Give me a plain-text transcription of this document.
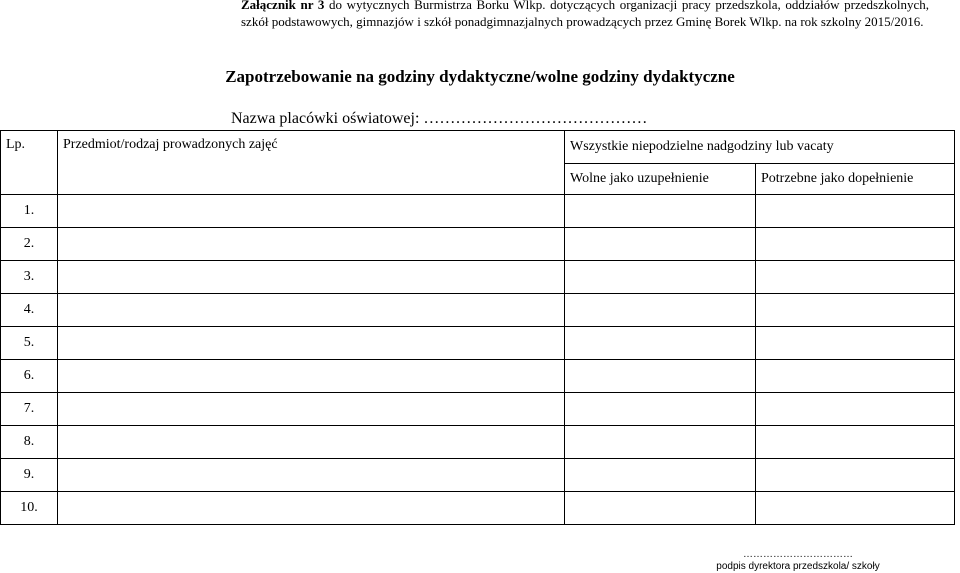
Załącznik nr 3 do wytycznych Burmistrza Borku Wlkp. dotyczących organizacji pracy przedszkola, oddziałów przedszkolnych, szkół podstawowych, gimnazjów i szkół ponadgimnazjalnych prowadzących przez Gminę Borek Wlkp. na rok szkolny 2015/2016.
Zapotrzebowanie na godziny dydaktyczne/wolne godziny dydaktyczne
Nazwa placówki oświatowej: ……………………………………
Lp.	Przedmiot/rodzaj prowadzonych zajęć	Wszystkie niepodzielne nadgodziny lub vacaty	
		Wolne jako uzupełnienie	Potrzebne jako dopełnienie
1.			
2.			
3.			
4.			
5.			
6.			
7.			
8.			
9.			
10.			
……………………………
podpis dyrektora przedszkola/ szkoły
